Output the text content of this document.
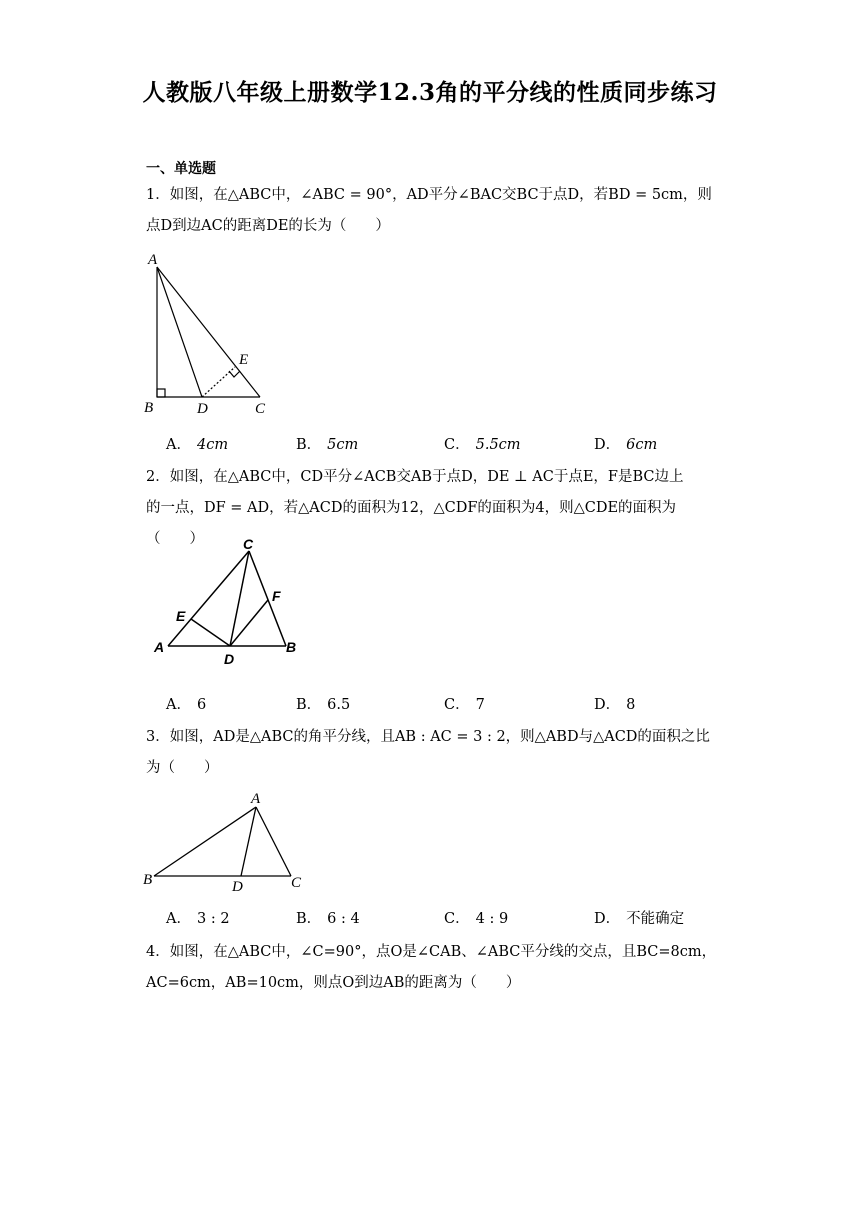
人教版八年级上册数学12.3角的平分线的性质同步练习
一、单选题
1．如图，在△ABC中，∠ABC = 90°，AD平分∠BAC交BC于点D，若BD = 5cm，则
点D到边AC的距离DE的长为（　　）
A
B	D	C
E
A． 4cm	B． 5cm	C． 5.5cm	D． 6cm
2．如图，在△ABC中，CD平分∠ACB交AB于点D，DE ⊥ AC于点E，F是BC边上
的一点，DF = AD，若△ACD的面积为12，△CDF的面积为4，则△CDE的面积为（　　）	C
E
F
A
D
B
A． 6	B． 6.5	C． 7	D． 8
3．如图，AD是△ABC的角平分线，且AB : AC = 3 : 2，则△ABD与△ACD的面积之比
为（　　）
A
B	D	C
A． 3 : 2	B． 6 : 4	C． 4 : 9	D． 不能确定
4．如图，在△ABC中，∠C=90°，点O是∠CAB、∠ABC平分线的交点，且BC=8cm，
AC=6cm，AB=10cm，则点O到边AB的距离为（　　）
